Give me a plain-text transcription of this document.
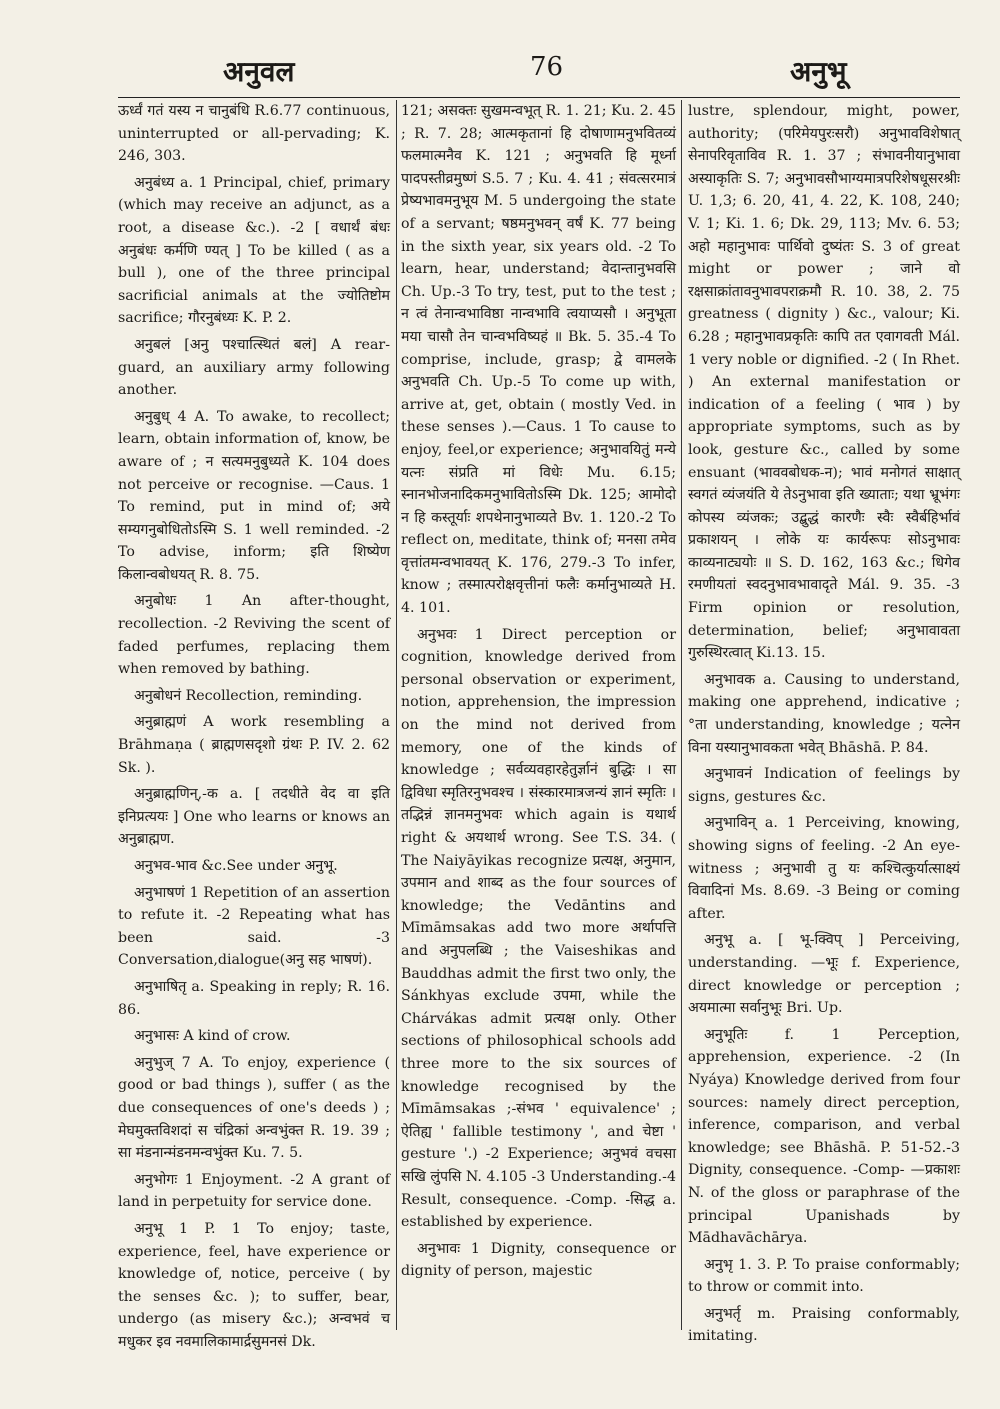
अनुवल	76	अनुभू

ऊर्ध्वं गतं यस्य न चानुबंधि R.6.77 continuous, uninterrupted or all-pervading; K. 246, 303.

अनुबंध्य a. 1 Principal, chief, primary (which may receive an adjunct, as a root, a disease &c.). -2 [ वधार्थं बंधः अनुबंधः कर्मणि ण्यत् ] To be killed ( as a bull ), one of the three principal sacrificial animals at the ज्योतिष्टोम sacrifice; गौरनुबंध्यः K. P. 2.

अनुबलं [अनु पश्चात्स्थितं बलं] A rear-guard, an auxiliary army following another.

अनुबुध् 4 A. To awake, to recollect; learn, obtain information of, know, be aware of ; न सत्यमनुबुध्यते K. 104 does not perceive or recognise. —Caus. 1 To remind, put in mind of; अये सम्यगनुबोधितोऽस्मि S. 1 well reminded. -2 To advise, inform; इति शिष्येण किलान्वबोधयत् R. 8. 75.

अनुबोधः 1 An after-thought, recollection. -2 Reviving the scent of faded perfumes, replacing them when removed by bathing.

अनुबोधनं Recollection, reminding.

अनुब्राह्मणं A work resembling a Brāhmaṇa ( ब्राह्मणसदृशो ग्रंथः P. IV. 2. 62 Sk. ).

अनुब्राह्मणिन्,-क a. [ तदधीते वेद वा इति इनिप्रत्ययः ] One who learns or knows an अनुब्राह्मण.

अनुभव-भाव &c.See under अनुभू.

अनुभाषणं 1 Repetition of an assertion to refute it. -2 Repeating what has been said. -3 Conversation,dialogue(अनु सह भाषणं).

अनुभाषितृ a. Speaking in reply; R. 16. 86.

अनुभासः A kind of crow.

अनुभुज् 7 A. To enjoy, experience ( good or bad things ), suffer ( as the due consequences of one's deeds ) ; मेघमुक्तविशदां स चंद्रिकां अन्वभुंक्त R. 19. 39 ; सा मंडनान्मंडनमन्वभुंक्त Ku. 7. 5.

अनुभोगः 1 Enjoyment. -2 A grant of land in perpetuity for service done.

अनुभू 1 P. 1 To enjoy; taste, experience, feel, have experience or knowledge of, notice, perceive ( by the senses &c. ); to suffer, bear, undergo (as misery &c.); अन्वभवं च मधुकर इव नवमालिकामार्द्रसुमनसं Dk.

121; असक्तः सुखमन्वभूत् R. 1. 21; Ku. 2. 45 ; R. 7. 28; आत्मकृतानां हि दोषाणामनुभवितव्यं फलमात्मनैव K. 121 ; अनुभवति हि मूर्ध्ना पादपस्तीव्रमुष्णं S.5. 7 ; Ku. 4. 41 ; संवत्सरमात्रं प्रेष्यभावमनुभूय M. 5 undergoing the state of a servant; षष्ठमनुभवन् वर्षं K. 77 being in the sixth year, six years old. -2 To learn, hear, understand; वेदान्तानुभवसि Ch. Up.-3 To try, test, put to the test ; न त्वं तेनान्वभाविष्ठा नान्वभावि त्वयाप्यसौ । अनुभूता मया चासौ तेन चान्वभविष्यहं ॥ Bk. 5. 35.-4 To comprise, include, grasp; द्वे वामलके अनुभवति Ch. Up.-5 To come up with, arrive at, get, obtain ( mostly Ved. in these senses ).—Caus. 1 To cause to enjoy, feel,or experience; अनुभावयितुं मन्ये यत्नः संप्रति मां विधेः Mu. 6.15; स्नानभोजनादिकमनुभावितोऽस्मि Dk. 125; आमोदो न हि कस्तूर्याः शपथेनानुभाव्यते Bv. 1. 120.-2 To reflect on, meditate, think of; मनसा तमेव वृत्तांतमन्वभावयत् K. 176, 279.-3 To infer, know ; तस्मात्परोक्षवृत्तीनां फलैः कर्मानुभाव्यते H. 4. 101.

अनुभवः 1 Direct perception or cognition, knowledge derived from personal observation or experiment, notion, apprehension, the impression on the mind not derived from memory, one of the kinds of knowledge ; सर्वव्यवहारहेतुर्ज्ञानं बुद्धिः । सा द्विविधा स्मृतिरनुभवश्च । संस्कारमात्रजन्यं ज्ञानं स्मृतिः । तद्भिन्नं ज्ञानमनुभवः which again is यथार्थ right & अयथार्थ wrong. See T.S. 34. ( The Naiyāyikas recognize प्रत्यक्ष, अनुमान, उपमान and शाब्द as the four sources of knowledge; the Vedāntins and Mīmāmsakas add two more अर्थापत्ति and अनुपलब्धि ; the Vaiseshikas and Bauddhas admit the first two only, the Sánkhyas exclude उपमा, while the Chárvákas admit प्रत्यक्ष only. Other sections of philosophical schools add three more to the six sources of knowledge recognised by the Mīmāmsakas ;-संभव ' equivalence' ; ऐतिह्य ' fallible testimony ', and चेष्टा ' gesture '.) -2 Experience; अनुभवं वचसा सखि लुंपसि N. 4.105 -3 Understanding.-4 Result, consequence. -Comp. -सिद्ध a. established by experience.

अनुभावः 1 Dignity, consequence or dignity of person, majestic

lustre, splendour, might, power, authority; (परिमेयपुरःसरौ) अनुभावविशेषात् सेनापरिवृताविव R. 1. 37 ; संभावनीयानुभावा अस्याकृतिः S. 7; अनुभावसौभाग्यमात्रपरिशेषधूसरश्रीः U. 1,3; 6. 20, 41, 4. 22, K. 108, 240; V. 1; Ki. 1. 6; Dk. 29, 113; Mv. 6. 53; अहो महानुभावः पार्थिवो दुष्यंतः S. 3 of great might or power ; जाने वो रक्षसाक्रांतावनुभावपराक्रमौ R. 10. 38, 2. 75 greatness ( dignity ) &c., valour; Ki. 6.28 ; महानुभावप्रकृतिः कापि तत एवागवती Mál. 1 very noble or dignified. -2 ( In Rhet. ) An external manifestation or indication of a feeling ( भाव ) by appropriate symptoms, such as by look, gesture &c., called by some ensuant (भाववबोधक-न); भावं मनोगतं साक्षात् स्वगतं व्यंजयंति ये तेऽनुभावा इति ख्याताः; यथा भ्रूभंगः कोपस्य व्यंजकः; उद्बुद्धं कारणैः स्वैः स्वैर्बहिर्भावं प्रकाशयन् । लोके यः कार्यरूपः सोऽनुभावः काव्यनाट्ययोः ॥ S. D. 162, 163 &c.; धिगेव रमणीयतां स्वदनुभावभावादृते Mál. 9. 35. -3 Firm opinion or resolution, determination, belief; अनुभावावता गुरुस्थिरत्वात् Ki.13. 15.

अनुभावक a. Causing to understand, making one apprehend, indicative ; °ता understanding, knowledge ; यत्नेन विना यस्यानुभावकता भवेत् Bhāshā. P. 84.

अनुभावनं Indication of feelings by signs, gestures &c.

अनुभाविन् a. 1 Perceiving, knowing, showing signs of feeling. -2 An eye-witness ; अनुभावी तु यः कश्चित्कुर्यात्साक्ष्यं विवादिनां Ms. 8.69. -3 Being or coming after.

अनुभू a. [ भू-क्विप् ] Perceiving, understanding. —भूः f. Experience, direct knowledge or perception ; अयमात्मा सर्वानुभूः Bri. Up.

अनुभूतिः f. 1 Perception, apprehension, experience. -2 (In Nyáya) Knowledge derived from four sources: namely direct perception, inference, comparison, and verbal knowledge; see Bhāshā. P. 51-52.-3 Dignity, consequence. -Comp- —प्रकाशः N. of the gloss or paraphrase of the principal Upanishads by Mādhavāchārya.

अनुभृ 1. 3. P. To praise conformably; to throw or commit into.

अनुभर्तृ m. Praising conformably, imitating.
